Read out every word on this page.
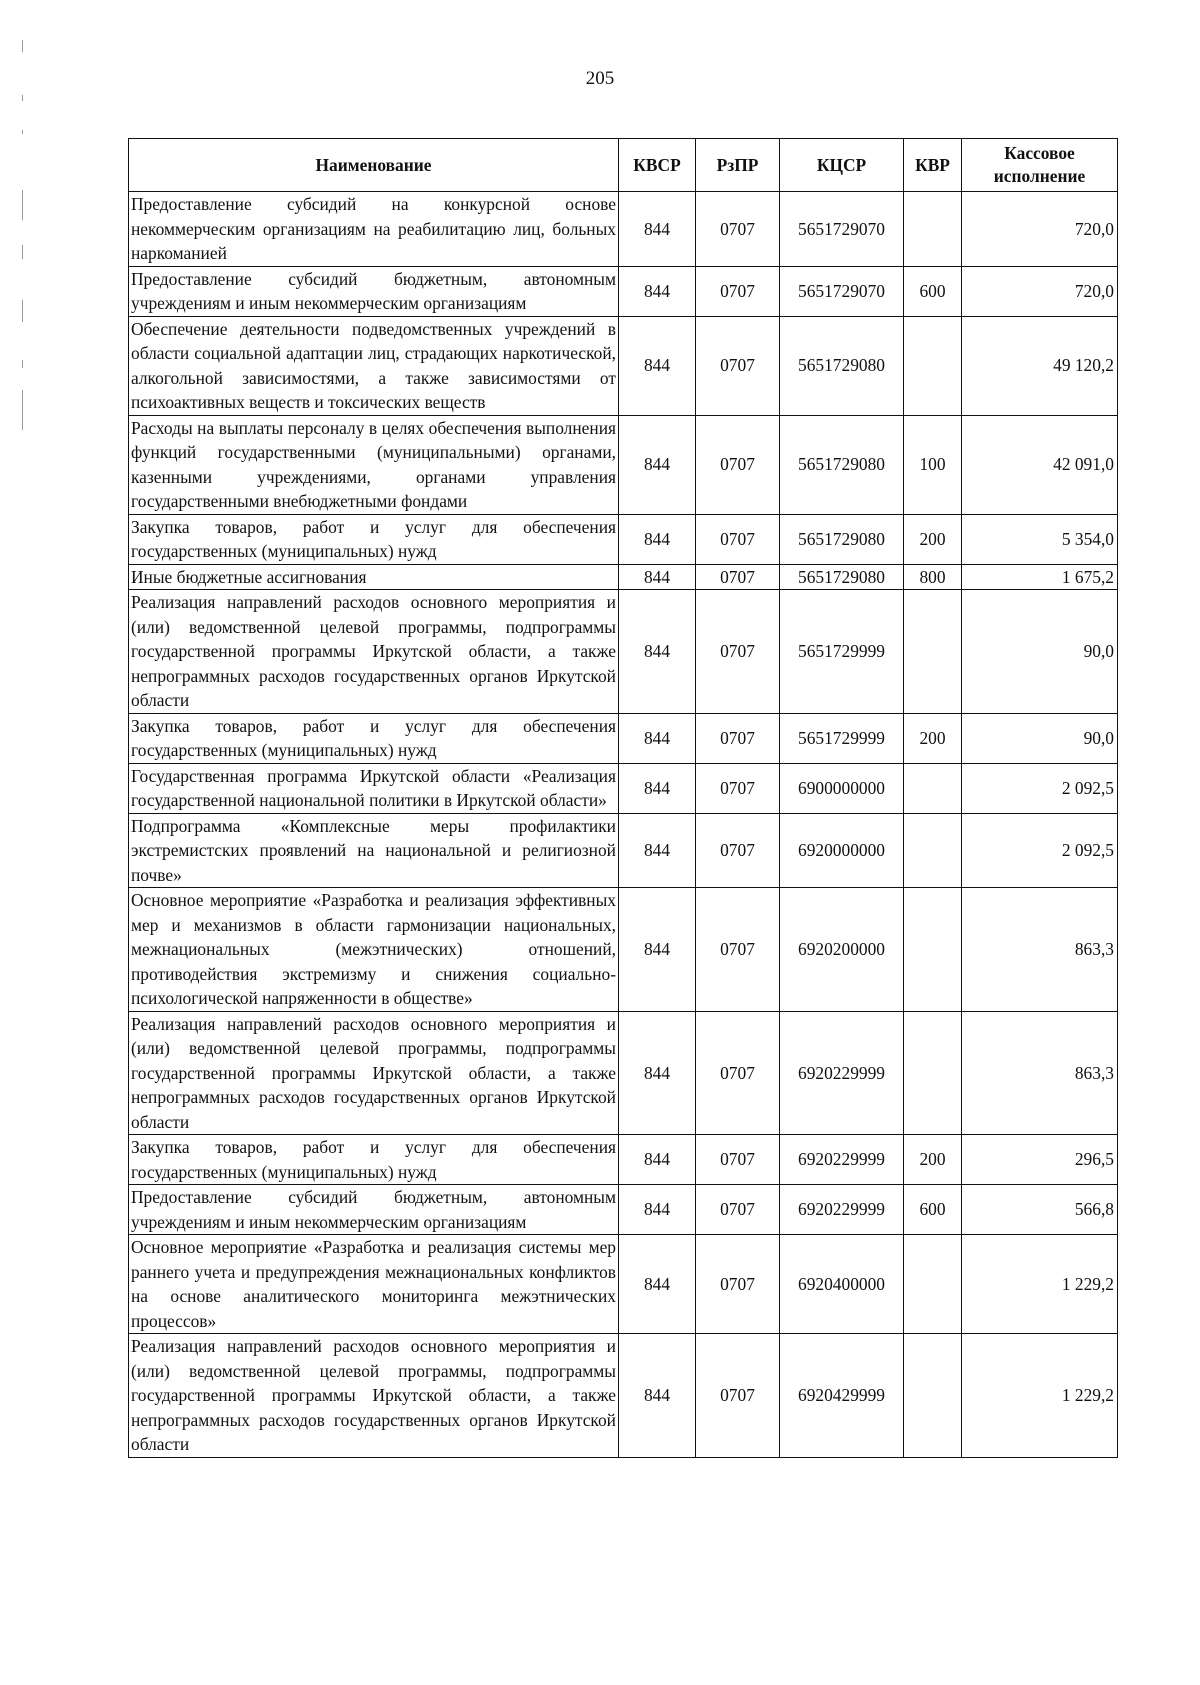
205
Наименование	КВСР	РзПР	КЦСР	КВР	Кассовое исполнение
Предоставление субсидий на конкурсной основе некоммерческим организациям на реабилитацию лиц, больных наркоманией	844	0707	5651729070		720,0
Предоставление субсидий бюджетным, автономным учреждениям и иным некоммерческим организациям	844	0707	5651729070	600	720,0
Обеспечение деятельности подведомственных учреждений в области социальной адаптации лиц, страдающих наркотической, алкогольной зависимостями, а также зависимостями от психоактивных веществ и токсических веществ	844	0707	5651729080		49 120,2
Расходы на выплаты персоналу в целях обеспечения выполнения функций государственными (муниципальными) органами, казенными учреждениями, органами управления государственными внебюджетными фондами	844	0707	5651729080	100	42 091,0
Закупка товаров, работ и услуг для обеспечения государственных (муниципальных) нужд	844	0707	5651729080	200	5 354,0
Иные бюджетные ассигнования	844	0707	5651729080	800	1 675,2
Реализация направлений расходов основного мероприятия и (или) ведомственной целевой программы, подпрограммы государственной программы Иркутской области, а также непрограммных расходов государственных органов Иркутской области	844	0707	5651729999		90,0
Закупка товаров, работ и услуг для обеспечения государственных (муниципальных) нужд	844	0707	5651729999	200	90,0
Государственная программа Иркутской области «Реализация государственной национальной политики в Иркутской области»	844	0707	6900000000		2 092,5
Подпрограмма «Комплексные меры профилактики экстремистских проявлений на национальной и религиозной почве»	844	0707	6920000000		2 092,5
Основное мероприятие «Разработка и реализация эффективных мер и механизмов в области гармонизации национальных, межнациональных (межэтнических) отношений, противодействия экстремизму и снижения социально-психологической напряженности в обществе»	844	0707	6920200000		863,3
Реализация направлений расходов основного мероприятия и (или) ведомственной целевой программы, подпрограммы государственной программы Иркутской области, а также непрограммных расходов государственных органов Иркутской области	844	0707	6920229999		863,3
Закупка товаров, работ и услуг для обеспечения государственных (муниципальных) нужд	844	0707	6920229999	200	296,5
Предоставление субсидий бюджетным, автономным учреждениям и иным некоммерческим организациям	844	0707	6920229999	600	566,8
Основное мероприятие «Разработка и реализация системы мер раннего учета и предупреждения межнациональных конфликтов на основе аналитического мониторинга межэтнических процессов»	844	0707	6920400000		1 229,2
Реализация направлений расходов основного мероприятия и (или) ведомственной целевой программы, подпрограммы государственной программы Иркутской области, а также непрограммных расходов государственных органов Иркутской области	844	0707	6920429999		1 229,2
